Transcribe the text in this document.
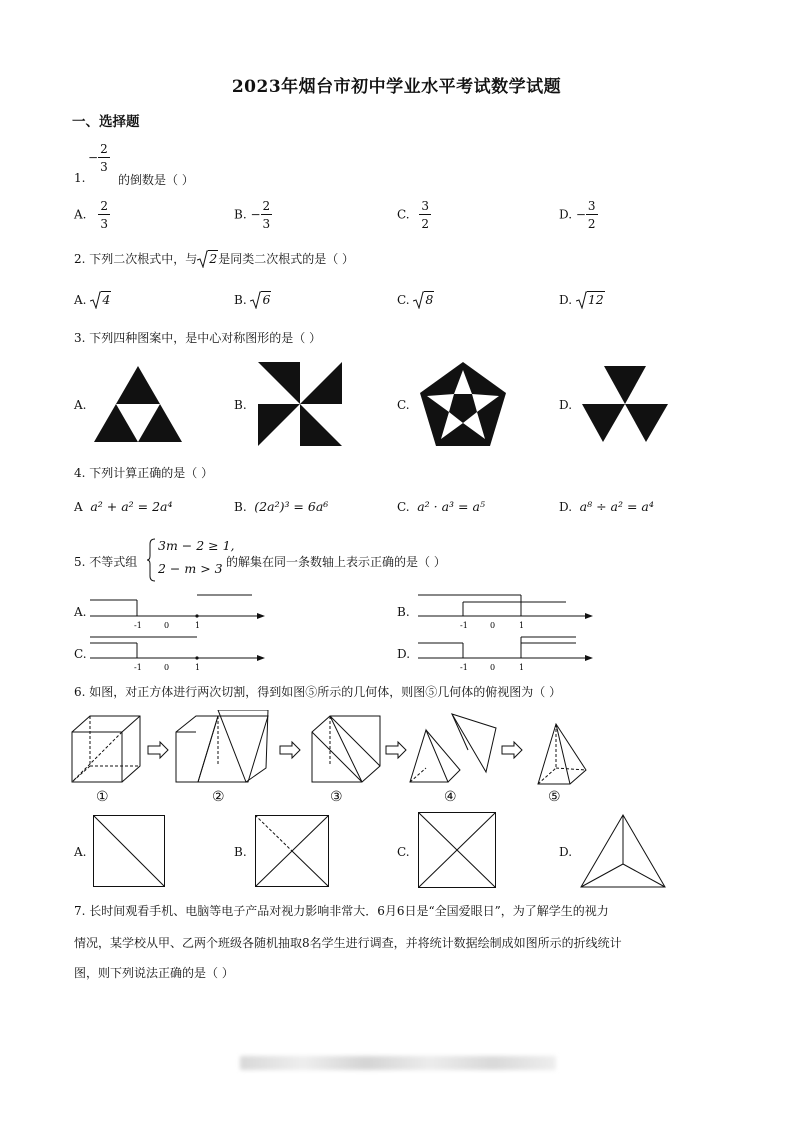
2023年烟台市初中学业水平考试数学试题
一、选择题
− $\frac{2}{3}$
1.	的倒数是（ ）
A. $\frac{2}{3}$	B. − $\frac{2}{3}$	C. $\frac{3}{2}$	D. − $\frac{3}{2}$
2. 下列二次根式中，与 2是同类二次根式的是（ ）
A. 4	B. 6	C. 8	D. 12
3. 下列四种图案中，是中心对称图形的是（ ）
A.	B.	C.	D.
4. 下列计算正确的是（ ）
A a² + a² = 2a⁴	B. (2a²)³ = 6a⁶	C. a² · a³ = a⁵	D. a⁸ ÷ a² = a⁴
5. 不等式组
3m − 2 ≥ 1,
2 − m > 3 的解集在同一条数轴上表示正确的是（ ）
A.
-1	0	1
B.
-1	0	1
C.
-1	0	1
D.
-1	0	1
6. 如图，对正方体进行两次切割，得到如图⑤所示的几何体，则图⑤几何体的俯视图为（ ）
①	②	③	④	⑤
A.	B.	C.	D.
7. 长时间观看手机、电脑等电子产品对视力影响非常大．6月6日是“全国爱眼日”，为了解学生的视力
情况，某学校从甲、乙两个班级各随机抽取8名学生进行调查，并将统计数据绘制成如图所示的折线统计
图，则下列说法正确的是（ ）
